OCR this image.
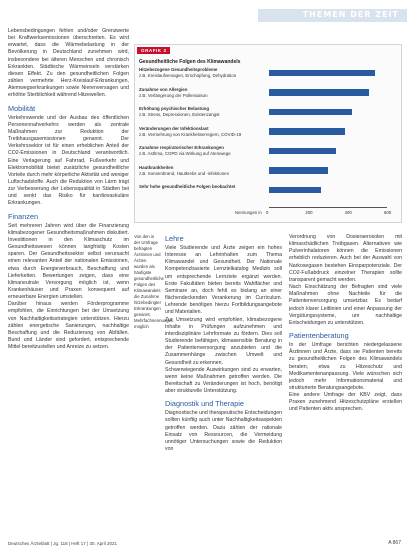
THEMEN DER ZEIT

Lebensbedingungen fehlen und/oder Grenzwerte bei Kraftwerksemissionen überschreiten. Es wird erwartet, dass die Wärmebelastung in der Bevölkerung in Deutschland zunehmen wird, insbesondere bei älteren Menschen und chronisch Erkrankten. Städtische Wärmeinseln verstärken diesen Effekt. Zu den gesundheitlichen Folgen zählen vermehrte Herz-Kreislauf-Erkrankungen, Atemwegserkrankungen sowie Nierenversagen und erhöhte Sterblichkeit während Hitzewellen.

Mobilität

Verkehrswende und der Ausbau des öffentlichen Personennahverkehrs werden als zentrale Maßnahmen zur Reduktion der Treibhausgasemissionen genannt. Der Verkehrssektor ist für einen erheblichen Anteil der CO2-Emissionen in Deutschland verantwortlich. Eine Verlagerung auf Fahrrad, Fußverkehr und Elektromobilität bietet zusätzliche gesundheitliche Vorteile durch mehr körperliche Aktivität und weniger Luftschadstoffe. Auch die Reduktion von Lärm trägt zur Verbesserung der Lebensqualität in Städten bei und senkt das Risiko für kardiovaskuläre Erkrankungen.

Finanzen

Seit mehreren Jahren wird über die Finanzierung klimabezogener Gesundheitsmaßnahmen diskutiert. Investitionen in den Klimaschutz im Gesundheitswesen können langfristig Kosten sparen. Der Gesundheitssektor selbst verursacht einen relevanten Anteil der nationalen Emissionen, etwa durch Energieverbrauch, Beschaffung und Lieferketten. Bewertungen zeigen, dass eine klimaneutrale Versorgung möglich ist, wenn Krankenhäuser und Praxen konsequent auf erneuerbare Energien umstellen.

Darüber hinaus werden Förderprogramme empfohlen, die Einrichtungen bei der Umsetzung von Nachhaltigkeitsstrategien unterstützen. Hierzu zählen energetische Sanierungen, nachhaltige Beschaffung und die Reduzierung von Abfällen. Bund und Länder sind gefordert, entsprechende Mittel bereitzustellen und Anreize zu setzen.

GRAFIK 3
Gesundheitliche Folgen des Klimawandels
Hitzebezogene Gesundheitsprobleme
z.B. Kreislaufversagen, Erschöpfung, Dehydration
Zunahme von Allergien
z.B. Verlängerung der Pollensaison
Erhöhung psychischer Belastung
z.B. Stress, Depressionen, Existenzangst
Veränderungen der Infektionslast
z.B. Vermehrung von Krankheitserregern, COVID-19
Zunahme respiratorischer Erkrankungen
z.B. Asthma, COPD via Wirkung auf Atemwege
Hautkrankheiten
z.B. Sonnenbrand, Hautkrebs und -infektionen
Sehr hohe gesundheitliche Folgen beobachtet
0	200	400	600
Nennungen in
Von den in der Umfrage befragten Ärztinnen und Ärzten wurden als häufigste gesundheitliche Folgen des Klimawandels die Zunahme hitzebedingter Erkrankungen genannt; Mehrfachnennungen möglich
Lehre

Viele Studierende und Ärzte zeigen ein hohes Interesse an Lehrinhalten zum Thema Klimawandel und Gesundheit. Der Nationale Kompetenzbasierte Lernzielkatalog Medizin soll um entsprechende Lernziele ergänzt werden. Erste Fakultäten bieten bereits Wahlfächer und Seminare an, doch fehlt es bislang an einer flächendeckenden Verankerung im Curriculum. Lehrende benötigen hierzu Fortbildungsangebote und Materialien.

Zur Umsetzung wird empfohlen, klimabezogene Inhalte in Prüfungen aufzunehmen und interdisziplinäre Lehrformate zu fördern. Dies soll Studierende befähigen, klimasensible Beratung in der Patientenversorgung anzubieten und die Zusammenhänge zwischen Umwelt und Gesundheit zu erkennen.

Schwerwiegende Auswirkungen sind zu erwarten, wenn keine Maßnahmen getroffen werden. Die Bereitschaft zu Veränderungen ist hoch, benötigt aber strukturelle Unterstützung.

Diagnostik und Therapie

Diagnostische und therapeutische Entscheidungen sollten künftig auch unter Nachhaltigkeitsaspekten getroffen werden. Dazu zählen der rationale Einsatz von Ressourcen, die Vermeidung unnötiger Untersuchungen sowie die Reduktion von

Verordnung von Dosieraerosolen mit klimaschädlichen Treibgasen. Alternativen wie Pulverinhalatoren können die Emissionen erheblich reduzieren. Auch bei der Auswahl von Narkosegasen bestehen Einsparpotenziale. Der CO2-Fußabdruck einzelner Therapien sollte transparent gemacht werden.

Nach Einschätzung der Befragten sind viele Maßnahmen ohne Nachteile für die Patientenversorgung umsetzbar. Es bedarf jedoch klarer Leitlinien und einer Anpassung der Vergütungssysteme, um nachhaltige Entscheidungen zu unterstützen.

Patientenberatung

In der Umfrage berichten niedergelassene Ärztinnen und Ärzte, dass sie Patienten bereits zu gesundheitlichen Folgen des Klimawandels beraten, etwa zu Hitzeschutz und Medikamentenanpassung. Viele wünschen sich jedoch mehr Informationsmaterial und strukturierte Beratungsangebote.

Eine andere Umfrage der KBV zeigt, dass Praxen zunehmend Hitzeschutzpläne erstellen und Patienten aktiv ansprechen.

Deutsches Ärzteblatt | Jg. 118 | Heft 17 | 30. April 2021	A 867
